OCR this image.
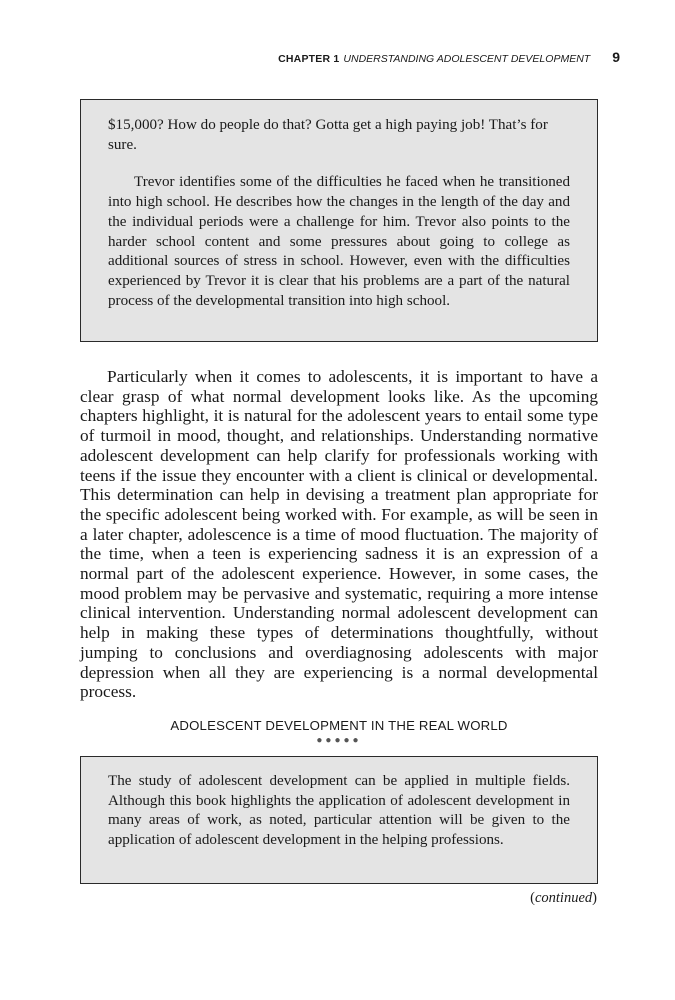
CHAPTER 1 UNDERSTANDING ADOLESCENT DEVELOPMENT 9

$15,000? How do people do that? Gotta get a high paying job! That’s for sure.

Trevor identifies some of the difficulties he faced when he transitioned into high school. He describes how the changes in the length of the day and the individual periods were a challenge for him. Trevor also points to the harder school content and some pressures about going to college as additional sources of stress in school. However, even with the difficulties experienced by Trevor it is clear that his problems are a part of the natural process of the developmental transition into high school.

Particularly when it comes to adolescents, it is important to have a clear grasp of what normal development looks like. As the upcoming chapters highlight, it is natural for the adolescent years to entail some type of turmoil in mood, thought, and relationships. Understanding normative adolescent development can help clarify for professionals working with teens if the issue they encounter with a client is clinical or developmental. This determination can help in devising a treatment plan appropriate for the specific adolescent being worked with. For example, as will be seen in a later chapter, adolescence is a time of mood fluctuation. The majority of the time, when a teen is experiencing sadness it is an expression of a normal part of the adolescent experience. However, in some cases, the mood problem may be pervasive and systematic, requiring a more intense clinical intervention. Understanding normal adolescent development can help in making these types of determinations thoughtfully, without jumping to conclusions and overdiagnosing adolescents with major depression when all they are experiencing is a normal developmental process.

ADOLESCENT DEVELOPMENT IN THE REAL WORLD
●●●●●

The study of adolescent development can be applied in multiple fields. Although this book highlights the application of adolescent development in many areas of work, as noted, particular attention will be given to the application of adolescent development in the helping professions.

(continued)
